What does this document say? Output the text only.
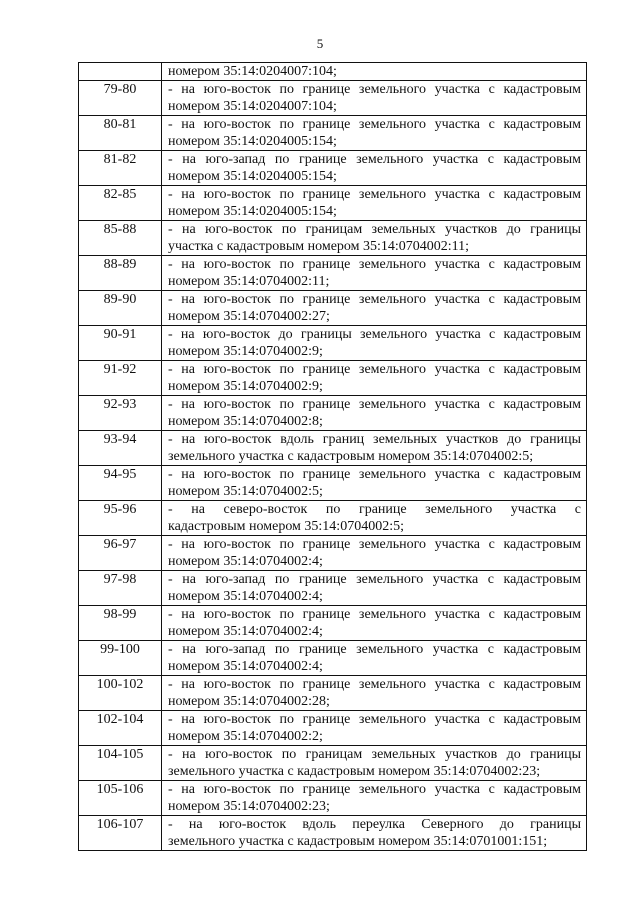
5

	номером 35:14:0204007:104;

79-80	- на юго-восток по границе земельного участка с кадастровым
номером 35:14:0204007:104;

80-81	- на юго-восток по границе земельного участка с кадастровым
номером 35:14:0204005:154;

81-82	- на юго-запад по границе земельного участка с кадастровым
номером 35:14:0204005:154;

82-85	- на юго-восток по границе земельного участка с кадастровым
номером 35:14:0204005:154;

85-88	- на юго-восток по границам земельных участков до границы
участка с кадастровым номером 35:14:0704002:11;

88-89	- на юго-восток по границе земельного участка с кадастровым
номером 35:14:0704002:11;

89-90	- на юго-восток по границе земельного участка с кадастровым
номером 35:14:0704002:27;

90-91	- на юго-восток до границы земельного участка с кадастровым
номером 35:14:0704002:9;

91-92	- на юго-восток по границе земельного участка с кадастровым
номером 35:14:0704002:9;

92-93	- на юго-восток по границе земельного участка с кадастровым
номером 35:14:0704002:8;

93-94	- на юго-восток вдоль границ земельных участков до границы
земельного участка с кадастровым номером 35:14:0704002:5;

94-95	- на юго-восток по границе земельного участка с кадастровым
номером 35:14:0704002:5;

95-96	- на северо-восток по границе земельного участка с
кадастровым номером 35:14:0704002:5;

96-97	- на юго-восток по границе земельного участка с кадастровым
номером 35:14:0704002:4;

97-98	- на юго-запад по границе земельного участка с кадастровым
номером 35:14:0704002:4;

98-99	- на юго-восток по границе земельного участка с кадастровым
номером 35:14:0704002:4;

99-100	- на юго-запад по границе земельного участка с кадастровым
номером 35:14:0704002:4;

100-102	- на юго-восток по границе земельного участка с кадастровым
номером 35:14:0704002:28;

102-104	- на юго-восток по границе земельного участка с кадастровым
номером 35:14:0704002:2;

104-105	- на юго-восток по границам земельных участков до границы
земельного участка с кадастровым номером 35:14:0704002:23;

105-106	- на юго-восток по границе земельного участка с кадастровым
номером 35:14:0704002:23;

106-107	- на юго-восток вдоль переулка Северного до границы
земельного участка с кадастровым номером 35:14:0701001:151;
